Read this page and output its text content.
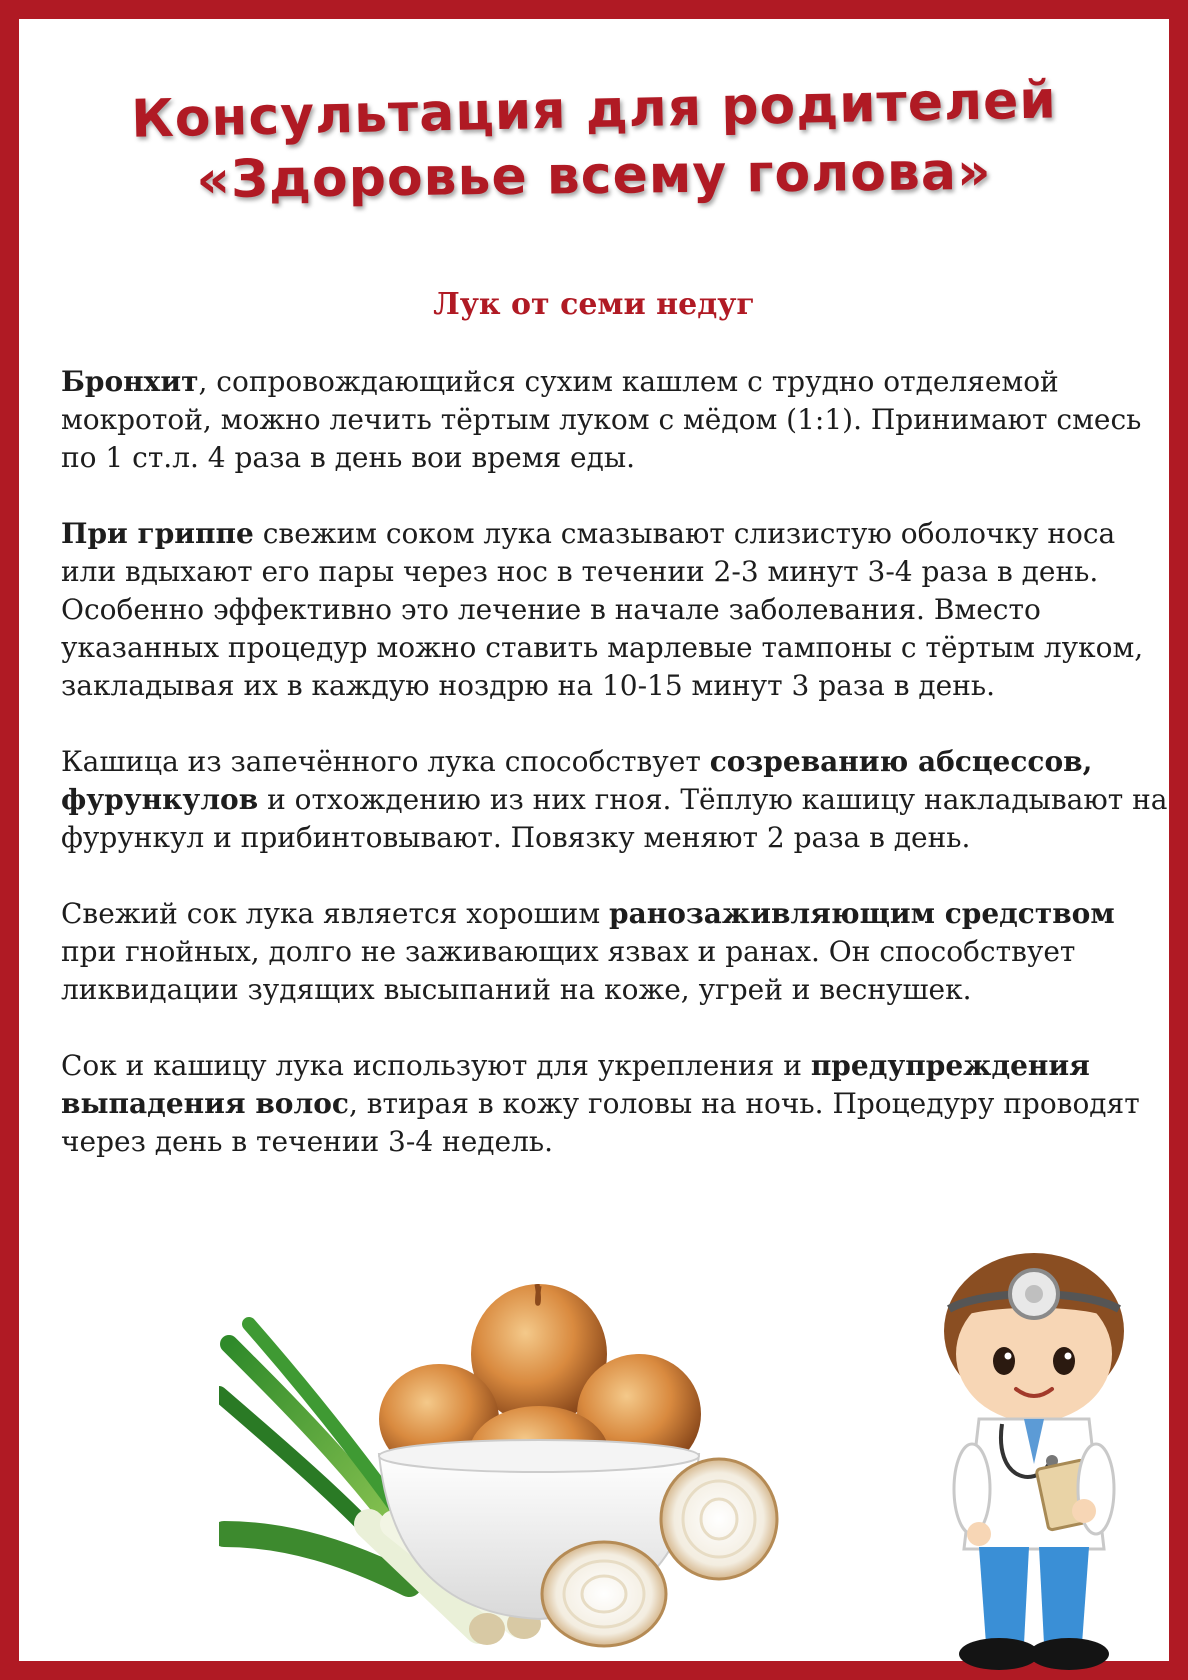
Консультация для родителей
«Здоровье всему голова»
Лук от семи недуг

Бронхит, сопровождающийся сухим кашлем с трудно отделяемой мокротой, можно лечить тёртым луком с мёдом (1:1). Принимают смесь по 1 ст.л. 4 раза в день вои время еды.

При гриппе свежим соком лука смазывают слизистую оболочку носа или вдыхают его пары через нос в течении 2-3 минут 3-4 раза в день. Особенно эффективно это лечение в начале заболевания. Вместо указанных процедур можно ставить марлевые тампоны с тёртым луком, закладывая их в каждую ноздрю на 10-15 минут 3 раза в день.

Кашица из запечённого лука способствует созреванию абсцессов, фурункулов и отхождению из них гноя. Тёплую кашицу накладывают на фурункул и прибинтовывают. Повязку меняют 2 раза в день.

Свежий сок лука является хорошим ранозаживляющим средством при гнойных, долго не заживающих язвах и ранах. Он способствует ликвидации зудящих высыпаний на коже, угрей и веснушек.

Сок и кашицу лука используют для укрепления и предупреждения выпадения волос, втирая в кожу головы на ночь. Процедуру проводят через день в течении 3-4 недель.
